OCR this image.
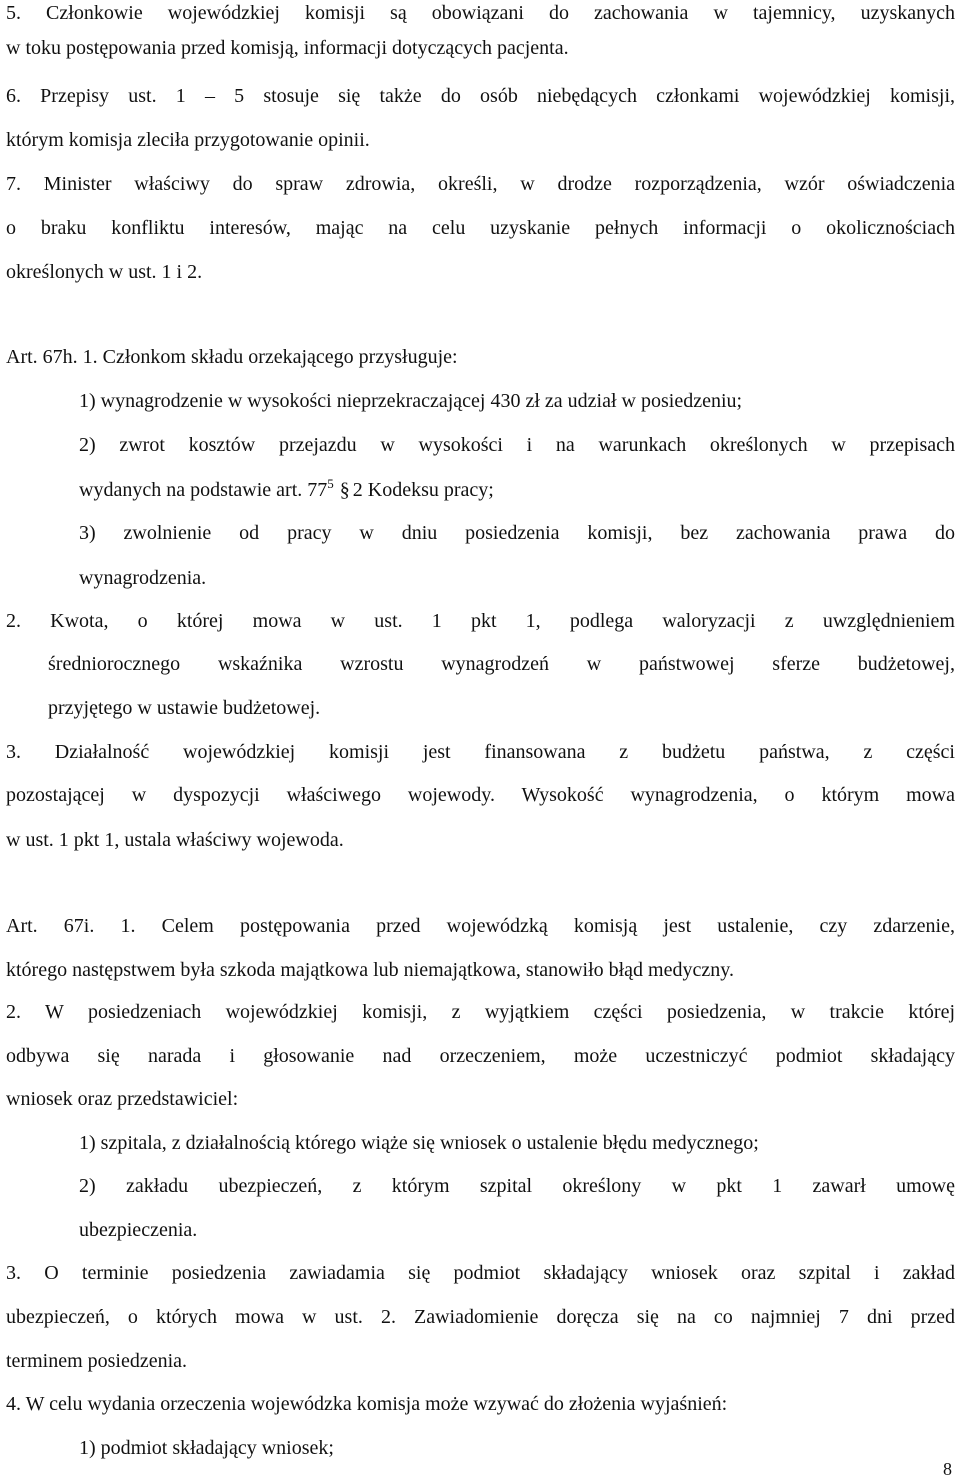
5. Członkowie wojewódzkiej komisji są obowiązani do zachowania w tajemnicy, uzyskanych
w toku postępowania przed komisją, informacji dotyczących pacjenta.
6. Przepisy ust. 1 – 5 stosuje się także do osób niebędących członkami wojewódzkiej komisji,
którym komisja zleciła przygotowanie opinii.
7. Minister właściwy do spraw zdrowia, określi, w drodze rozporządzenia, wzór oświadczenia
o braku konfliktu interesów, mając na celu uzyskanie pełnych informacji o okolicznościach
określonych w ust. 1 i 2.
Art. 67h. 1. Członkom składu orzekającego przysługuje:
1) wynagrodzenie w wysokości nieprzekraczającej 430 zł za udział w posiedzeniu;
2) zwrot kosztów przejazdu w wysokości i na warunkach określonych w przepisach
wydanych na podstawie art. $77^5$ § 2 Kodeksu pracy;
3) zwolnienie od pracy w dniu posiedzenia komisji, bez zachowania prawa do
wynagrodzenia.
2. Kwota, o której mowa w ust. 1 pkt 1, podlega waloryzacji z uwzględnieniem
średniorocznego wskaźnika wzrostu wynagrodzeń w państwowej sferze budżetowej,
przyjętego w ustawie budżetowej.
3. Działalność wojewódzkiej komisji jest finansowana z budżetu państwa, z części
pozostającej w dyspozycji właściwego wojewody. Wysokość wynagrodzenia, o którym mowa
w ust. 1 pkt 1, ustala właściwy wojewoda.
Art. 67i. 1. Celem postępowania przed wojewódzką komisją jest ustalenie, czy zdarzenie,
którego następstwem była szkoda majątkowa lub niemajątkowa, stanowiło błąd medyczny.
2. W posiedzeniach wojewódzkiej komisji, z wyjątkiem części posiedzenia, w trakcie której
odbywa się narada i głosowanie nad orzeczeniem, może uczestniczyć podmiot składający
wniosek oraz przedstawiciel:
1) szpitala, z działalnością którego wiąże się wniosek o ustalenie błędu medycznego;
2) zakładu ubezpieczeń, z którym szpital określony w pkt 1 zawarł umowę
ubezpieczenia.
3. O terminie posiedzenia zawiadamia się podmiot składający wniosek oraz szpital i zakład
ubezpieczeń, o których mowa w ust. 2. Zawiadomienie doręcza się na co najmniej 7 dni przed
terminem posiedzenia.
4. W celu wydania orzeczenia wojewódzka komisja może wzywać do złożenia wyjaśnień:
1) podmiot składający wniosek;
8
